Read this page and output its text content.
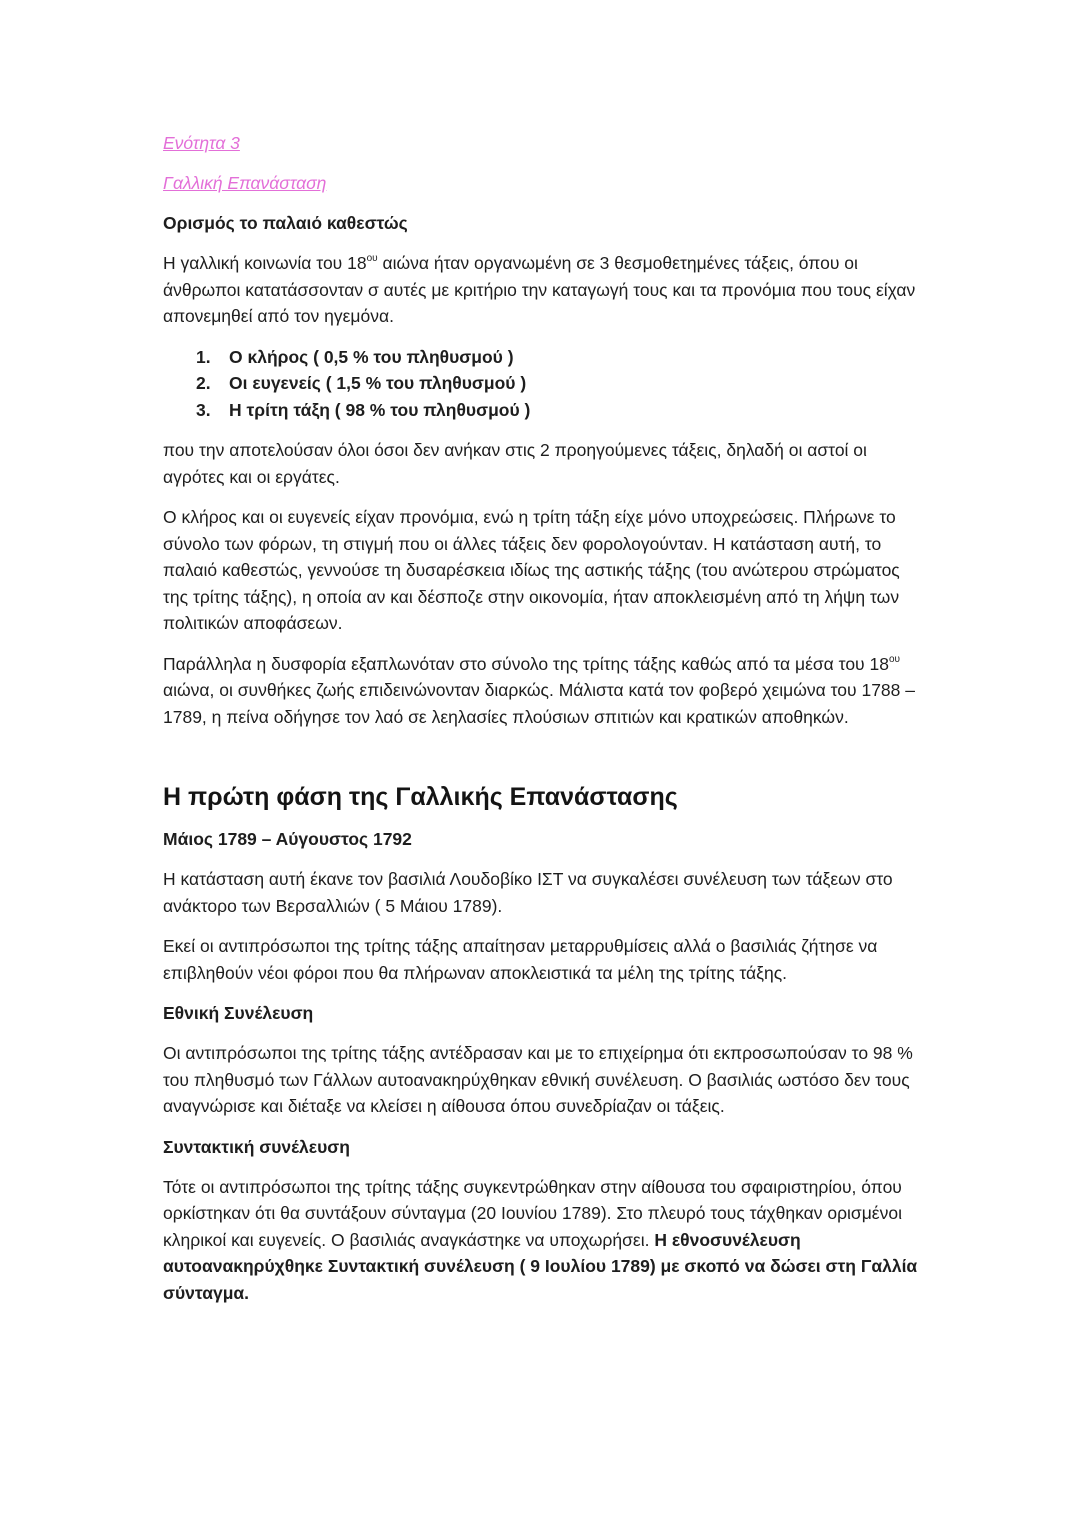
Ενότητα 3
Γαλλική Επανάσταση
Ορισμός το παλαιό καθεστώς

Η γαλλική κοινωνία του $18^{o\upsilon}$ αιώνα ήταν οργανωμένη σε 3 θεσμοθετημένες τάξεις, όπου οι άνθρωποι κατατάσσονταν σ αυτές με κριτήριο την καταγωγή τους και τα προνόμια που τους είχαν απονεμηθεί από τον ηγεμόνα.

1.	Ο κλήρος ( 0,5 % του πληθυσμού )
2.	Οι ευγενείς ( 1,5 % του πληθυσμού )
3.	Η τρίτη τάξη ( 98 % του πληθυσμού )

που την αποτελούσαν όλοι όσοι δεν ανήκαν στις 2 προηγούμενες τάξεις, δηλαδή οι αστοί οι αγρότες και οι εργάτες.

Ο κλήρος και οι ευγενείς είχαν προνόμια, ενώ η τρίτη τάξη είχε μόνο υποχρεώσεις. Πλήρωνε το σύνολο των φόρων, τη στιγμή που οι άλλες τάξεις δεν φορολογούνταν. Η κατάσταση αυτή, το παλαιό καθεστώς, γεννούσε τη δυσαρέσκεια ιδίως της αστικής τάξης (του ανώτερου στρώματος της τρίτης τάξης), η οποία αν και δέσποζε στην οικονομία, ήταν αποκλεισμένη από τη λήψη των πολιτικών αποφάσεων.

Παράλληλα η δυσφορία εξαπλωνόταν στο σύνολο της τρίτης τάξης καθώς από τα μέσα του $18^{o\upsilon}$ αιώνα, οι συνθήκες ζωής επιδεινώνονταν διαρκώς. Μάλιστα κατά τον φοβερό χειμώνα του 1788 – 1789, η πείνα οδήγησε τον λαό σε λεηλασίες πλούσιων σπιτιών και κρατικών αποθηκών.

Η πρώτη φάση της Γαλλικής Επανάστασης
Μάιος 1789 – Αύγουστος 1792

Η κατάσταση αυτή έκανε τον βασιλιά Λουδοβίκο ΙΣΤ να συγκαλέσει συνέλευση των τάξεων στο ανάκτορο των Βερσαλλιών ( 5 Μάιου 1789).

Εκεί οι αντιπρόσωποι της τρίτης τάξης απαίτησαν μεταρρυθμίσεις αλλά ο βασιλιάς ζήτησε να επιβληθούν νέοι φόροι που θα πλήρωναν αποκλειστικά τα μέλη της τρίτης τάξης.

Εθνική Συνέλευση

Οι αντιπρόσωποι της τρίτης τάξης αντέδρασαν και με το επιχείρημα ότι εκπροσωπούσαν το 98 % του πληθυσμό των Γάλλων αυτοανακηρύχθηκαν εθνική συνέλευση. Ο βασιλιάς ωστόσο δεν τους αναγνώρισε και διέταξε να κλείσει η αίθουσα όπου συνεδρίαζαν οι τάξεις.

Συντακτική συνέλευση

Τότε οι αντιπρόσωποι της τρίτης τάξης συγκεντρώθηκαν στην αίθουσα του σφαιριστηρίου, όπου ορκίστηκαν ότι θα συντάξουν σύνταγμα (20 Ιουνίου 1789). Στο πλευρό τους τάχθηκαν ορισμένοι κληρικοί και ευγενείς. Ο βασιλιάς αναγκάστηκε να υποχωρήσει. Η εθνοσυνέλευση αυτοανακηρύχθηκε Συντακτική συνέλευση ( 9 Ιουλίου 1789) με σκοπό να δώσει στη Γαλλία σύνταγμα.
